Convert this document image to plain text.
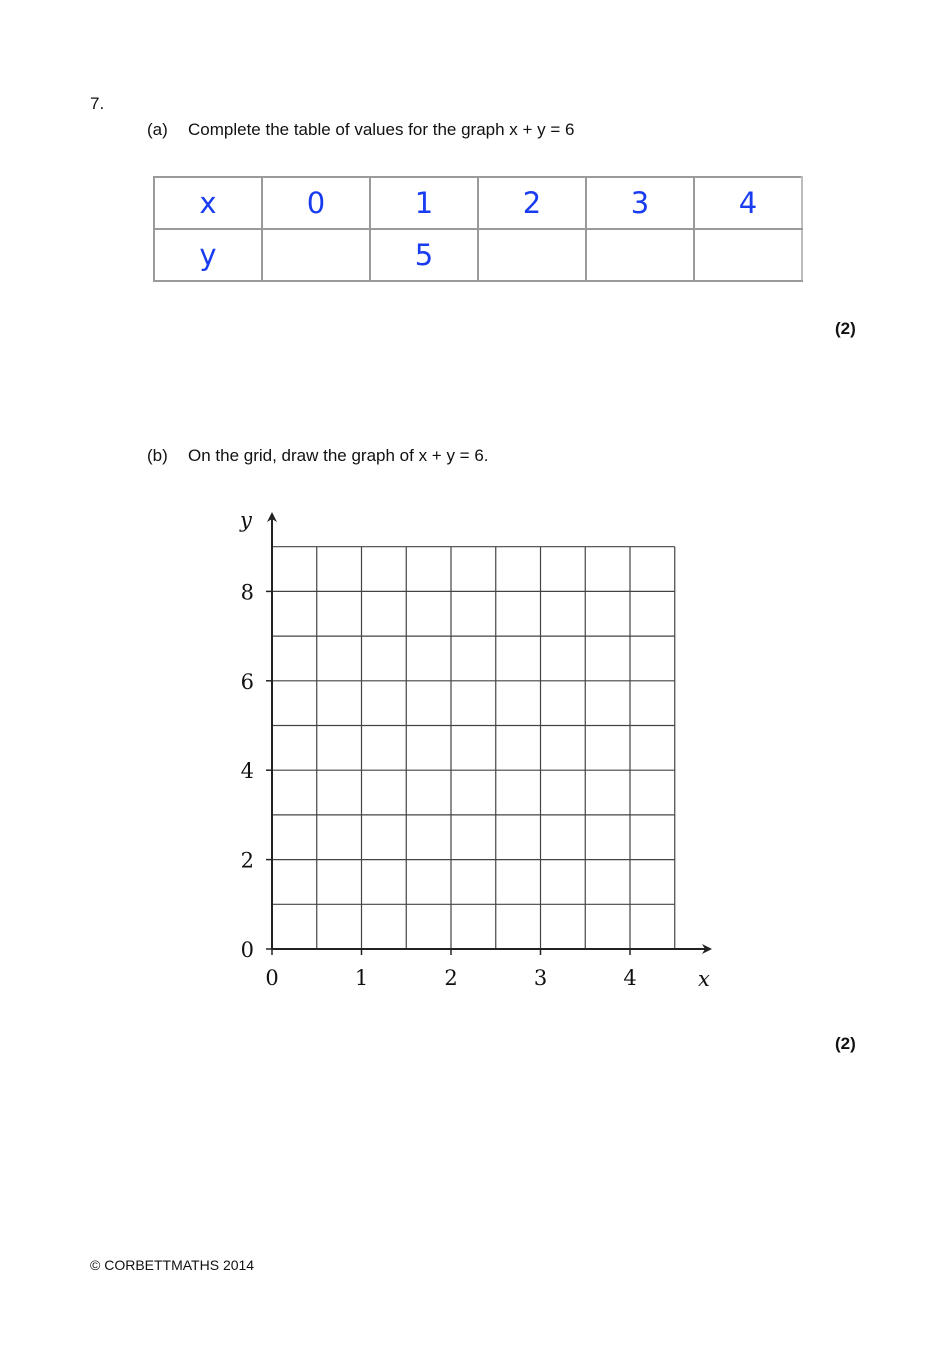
7.
(a) Complete the table of values for the graph x + y = 6
x	0	1	2	3	4
y		5			
(2)
(b) On the grid, draw the graph of x + y = 6.
0	1	2	3	4
0
2
4
6
8
x
y
(2)
© CORBETTMATHS 2014
